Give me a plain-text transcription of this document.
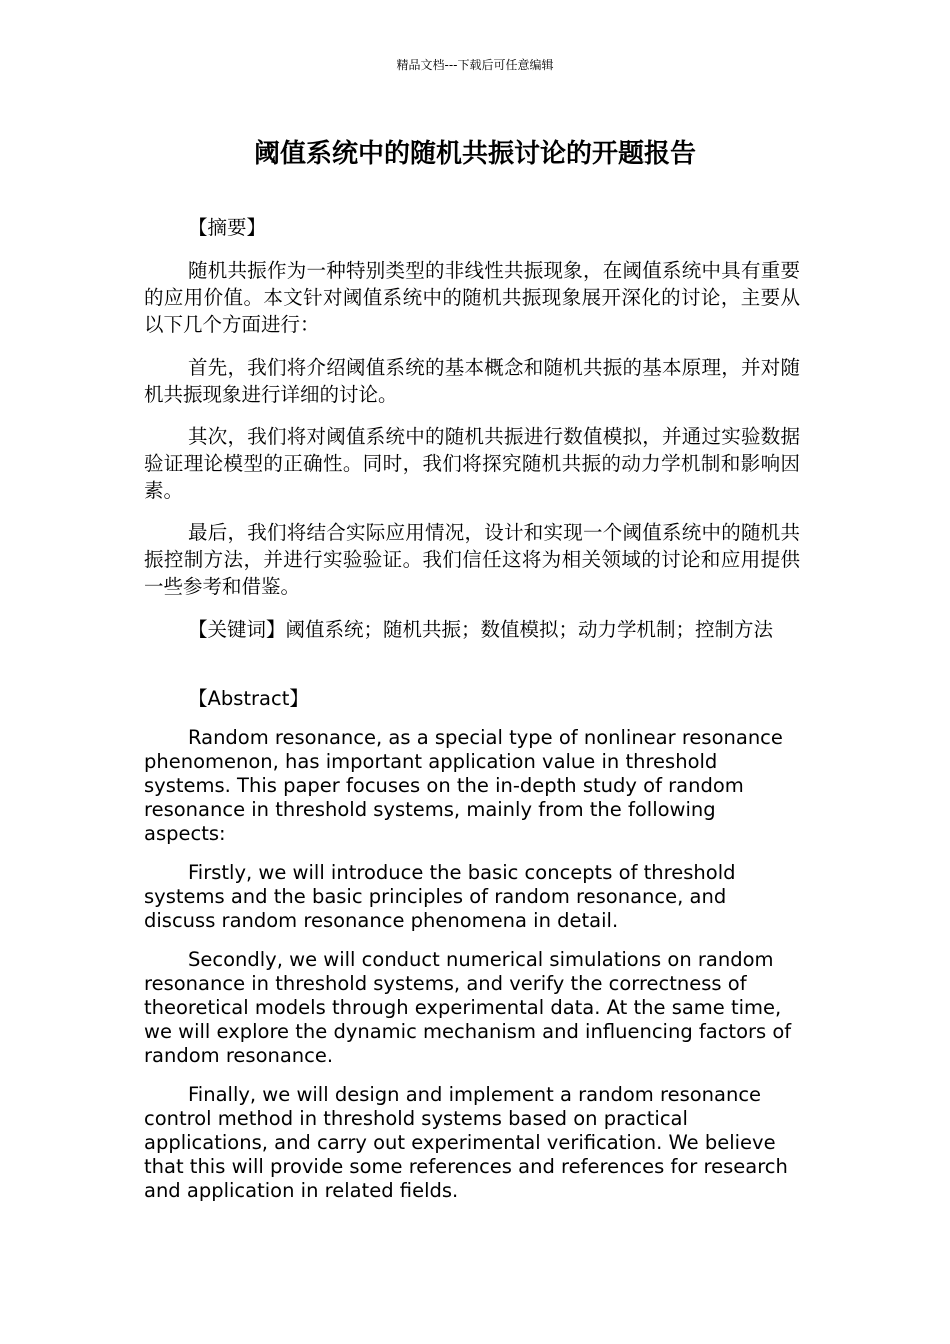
精品文档---下载后可任意编辑
阈值系统中的随机共振讨论的开题报告

【摘要】

随机共振作为一种特别类型的非线性共振现象，在阈值系统中具有重要的应用价值。本文针对阈值系统中的随机共振现象展开深化的讨论，主要从以下几个方面进行：

首先，我们将介绍阈值系统的基本概念和随机共振的基本原理，并对随机共振现象进行详细的讨论。

其次，我们将对阈值系统中的随机共振进行数值模拟，并通过实验数据验证理论模型的正确性。同时，我们将探究随机共振的动力学机制和影响因素。

最后，我们将结合实际应用情况，设计和实现一个阈值系统中的随机共振控制方法，并进行实验验证。我们信任这将为相关领域的讨论和应用提供一些参考和借鉴。

【关键词】阈值系统；随机共振；数值模拟；动力学机制；控制方法

【Abstract】

Random resonance, as a special type of nonlinear resonance phenomenon, has important application value in threshold systems. This paper focuses on the in-depth study of random resonance in threshold systems, mainly from the following aspects:

Firstly, we will introduce the basic concepts of threshold systems and the basic principles of random resonance, and discuss random resonance phenomena in detail.

Secondly, we will conduct numerical simulations on random resonance in threshold systems, and verify the correctness of theoretical models through experimental data. At the same time, we will explore the dynamic mechanism and influencing factors of random resonance.

Finally, we will design and implement a random resonance control method in threshold systems based on practical applications, and carry out experimental verification. We believe that this will provide some references and references for research and application in related fields.
